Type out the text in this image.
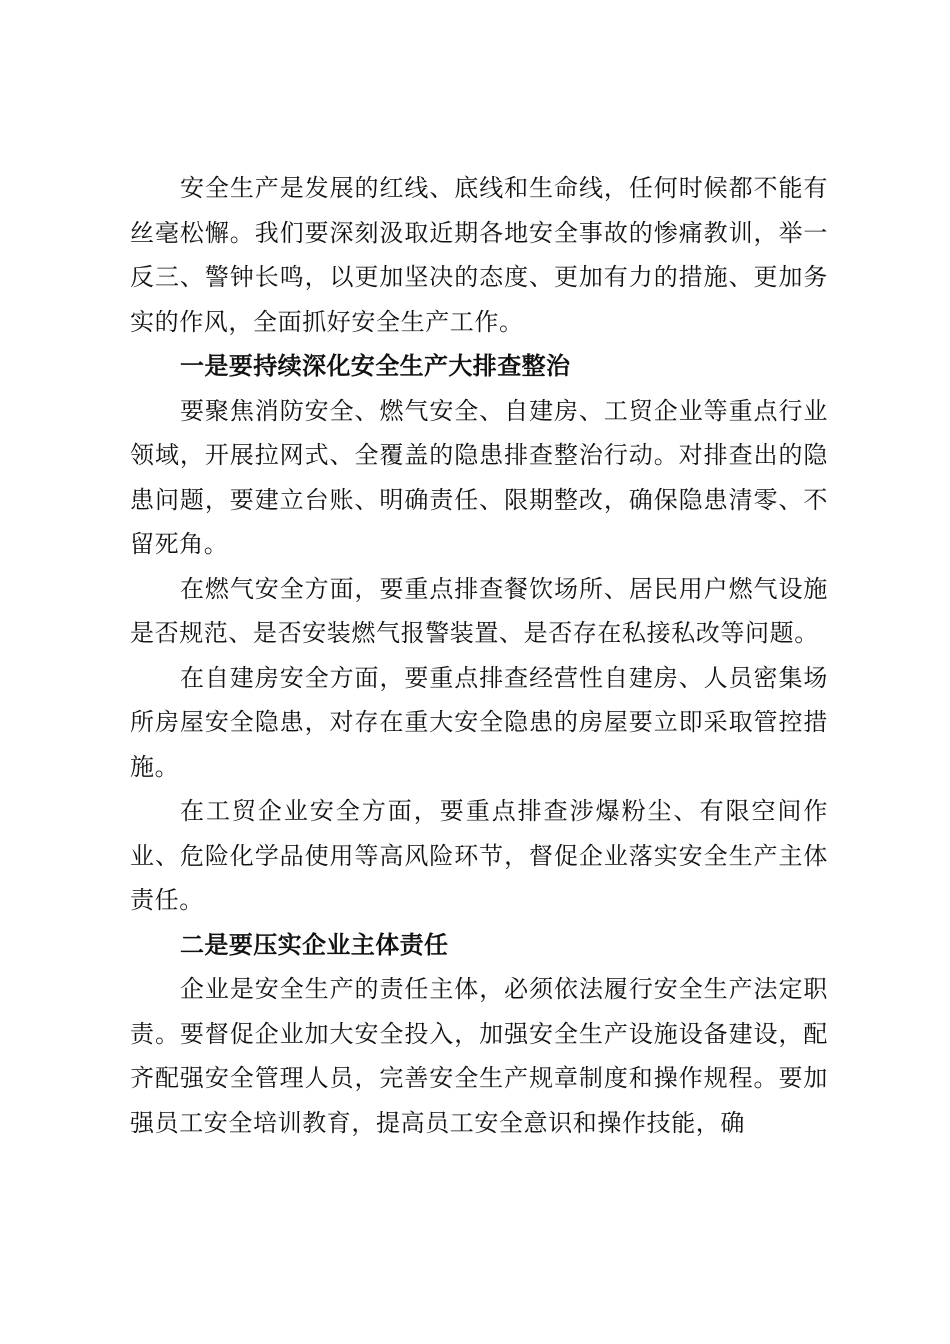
安全生产是发展的红线、底线和生命线，任何时候都不能有丝毫松懈。我们要深刻汲取近期各地安全事故的惨痛教训，举一反三、警钟长鸣，以更加坚决的态度、更加有力的措施、更加务实的作风，全面抓好安全生产工作。

一是要持续深化安全生产大排查整治

要聚焦消防安全、燃气安全、自建房、工贸企业等重点行业领域，开展拉网式、全覆盖的隐患排查整治行动。对排查出的隐患问题，要建立台账、明确责任、限期整改，确保隐患清零、不留死角。

在燃气安全方面，要重点排查餐饮场所、居民用户燃气设施是否规范、是否安装燃气报警装置、是否存在私接私改等问题。

在自建房安全方面，要重点排查经营性自建房、人员密集场所房屋安全隐患，对存在重大安全隐患的房屋要立即采取管控措施。

在工贸企业安全方面，要重点排查涉爆粉尘、有限空间作业、危险化学品使用等高风险环节，督促企业落实安全生产主体责任。

二是要压实企业主体责任

企业是安全生产的责任主体，必须依法履行安全生产法定职责。要督促企业加大安全投入，加强安全生产设施设备建设，配齐配强安全管理人员，完善安全生产规章制度和操作规程。要加强员工安全培训教育，提高员工安全意识和操作技能，确
